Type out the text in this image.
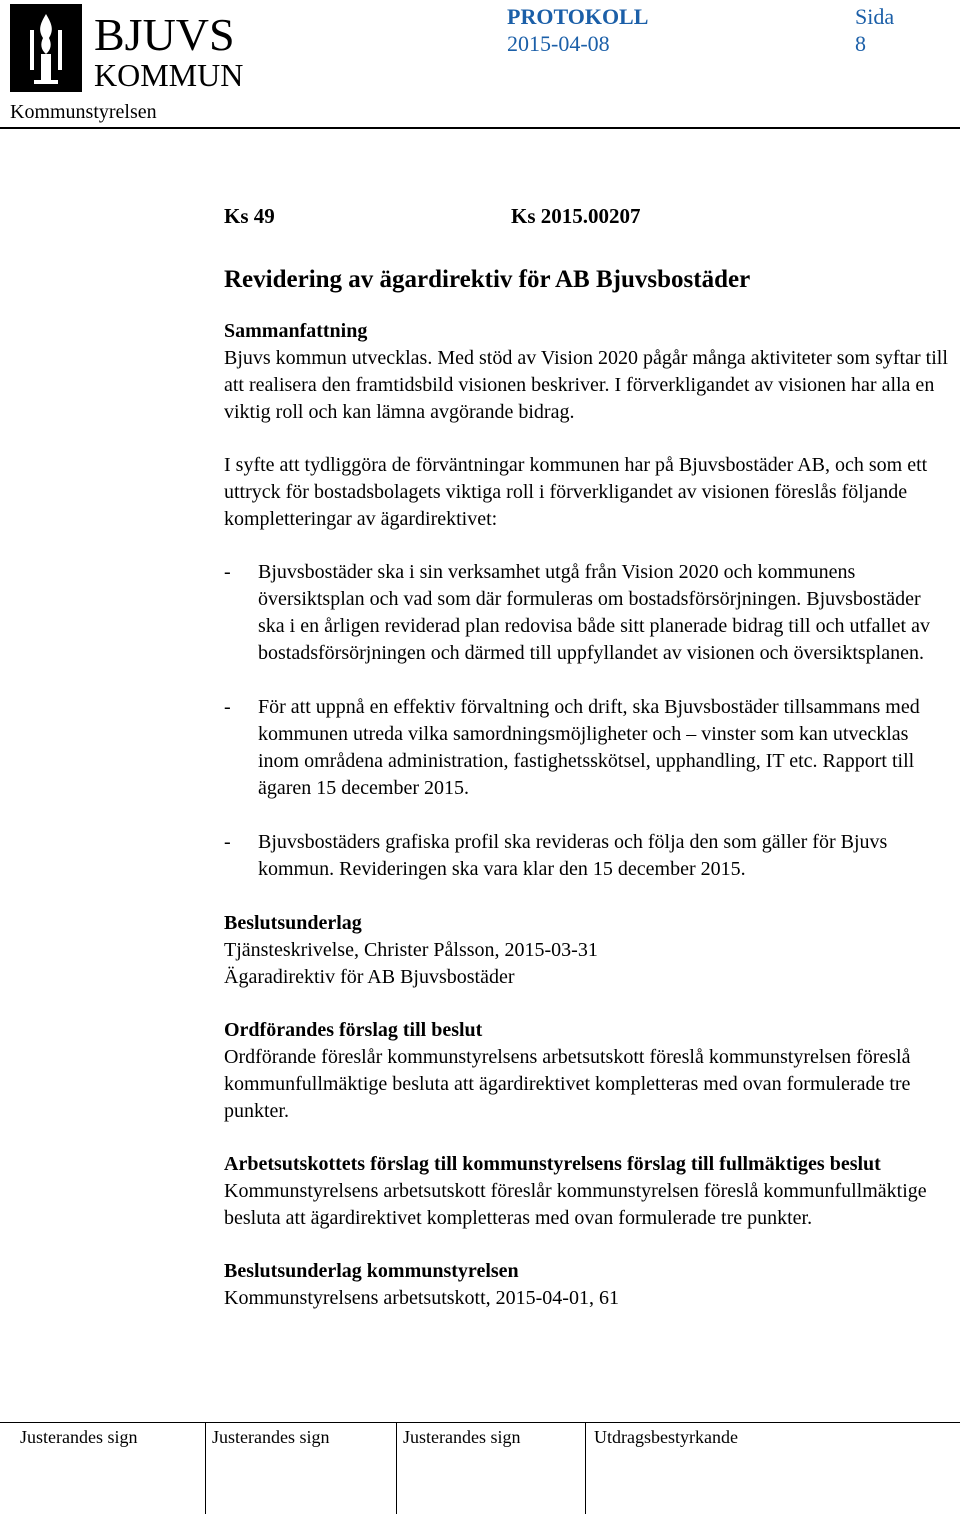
BJUVS
KOMMUN
PROTOKOLL
2015-04-08
Sida
8
Kommunstyrelsen
Ks 49	Ks 2015.00207
Revidering av ägardirektiv för AB Bjuvsbostäder
Sammanfattning

Bjuvs kommun utvecklas. Med stöd av Vision 2020 pågår många aktiviteter som syftar till att realisera den framtidsbild visionen beskriver. I förverkligandet av visionen har alla en viktig roll och kan lämna avgörande bidrag.

I syfte att tydliggöra de förväntningar kommunen har på Bjuvsbostäder AB, och som ett uttryck för bostadsbolagets viktiga roll i förverkligandet av visionen föreslås följande kompletteringar av ägardirektivet:

- Bjuvsbostäder ska i sin verksamhet utgå från Vision 2020 och kommunens översiktsplan och vad som där formuleras om bostadsförsörjningen. Bjuvsbostäder ska i en årligen reviderad plan redovisa både sitt planerade bidrag till och utfallet av bostadsförsörjningen och därmed till uppfyllandet av visionen och översiktsplanen.
- För att uppnå en effektiv förvaltning och drift, ska Bjuvsbostäder tillsammans med kommunen utreda vilka samordningsmöjligheter och – vinster som kan utvecklas inom områdena administration, fastighetsskötsel, upphandling, IT etc. Rapport till ägaren 15 december 2015.
- Bjuvsbostäders grafiska profil ska revideras och följa den som gäller för Bjuvs kommun. Revideringen ska vara klar den 15 december 2015.
Beslutsunderlag

Tjänsteskrivelse, Christer Pålsson, 2015-03-31

Ägaradirektiv för AB Bjuvsbostäder

Ordförandes förslag till beslut

Ordförande föreslår kommunstyrelsens arbetsutskott föreslå kommunstyrelsen föreslå kommunfullmäktige besluta att ägardirektivet kompletteras med ovan formulerade tre punkter.

Arbetsutskottets förslag till kommunstyrelsens förslag till fullmäktiges beslut

Kommunstyrelsens arbetsutskott föreslår kommunstyrelsen föreslå kommunfullmäktige besluta att ägardirektivet kompletteras med ovan formulerade tre punkter.

Beslutsunderlag kommunstyrelsen

Kommunstyrelsens arbetsutskott, 2015-04-01, 61

Justerandes sign	Justerandes sign	Justerandes sign	Utdragsbestyrkande
